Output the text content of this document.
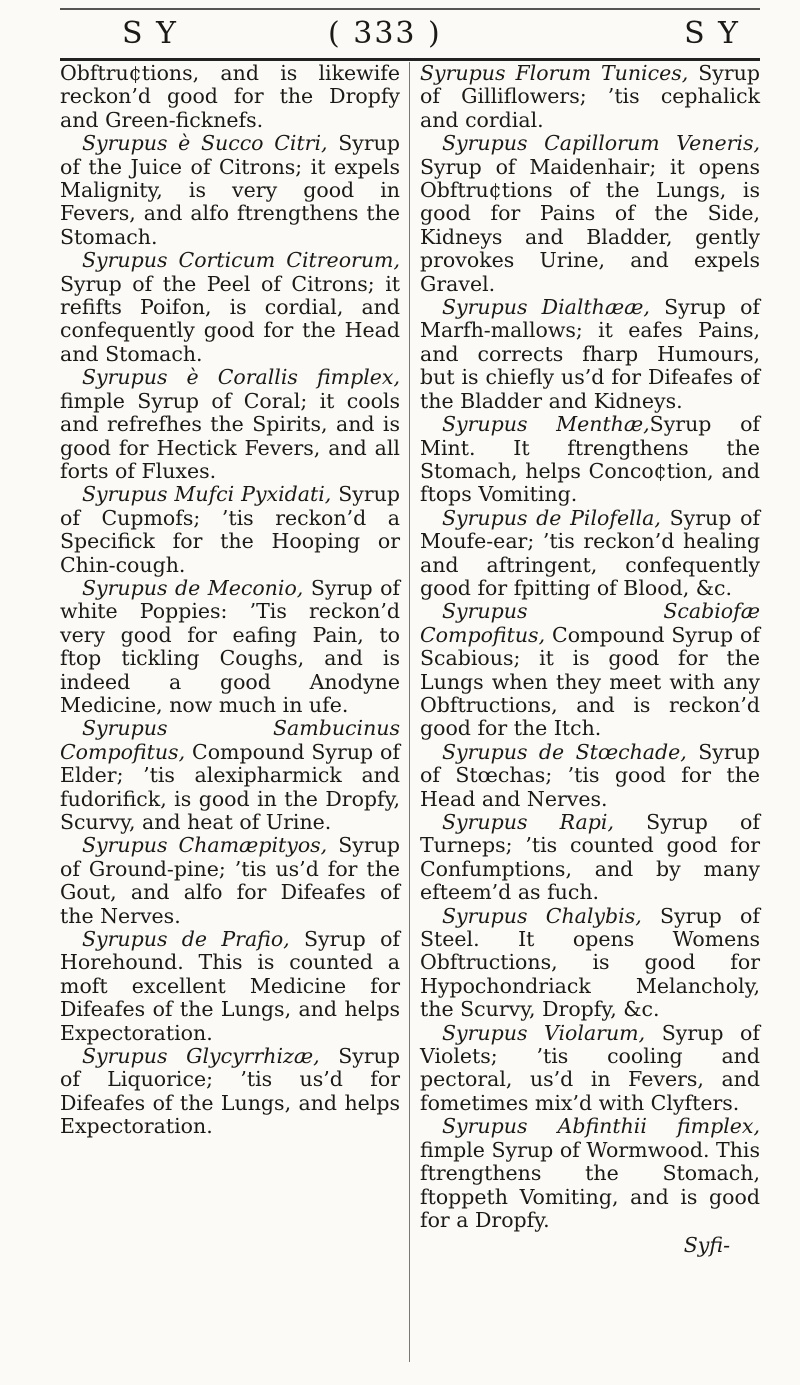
S Y	( 333 )	S Y

Obftru¢tions, and is likewife reckon’d good for the Dropfy and Green-ficknefs.

Syrupus è Succo Citri, Syrup of the Juice of Citrons; it expels Malignity, is very good in Fevers, and alfo ftrengthens the Stomach.

Syrupus Corticum Citreorum, Syrup of the Peel of Citrons; it refifts Poifon, is cordial, and confequently good for the Head and Stomach.

Syrupus è Corallis fimplex, fimple Syrup of Coral; it cools and refrefhes the Spirits, and is good for Hectick Fevers, and all forts of Fluxes.

Syrupus Mufci Pyxidati, Syrup of Cupmofs; ’tis reckon’d a Specifick for the Hooping or Chin-cough.

Syrupus de Meconio, Syrup of white Poppies: ’Tis reckon’d very good for eafing Pain, to ftop tickling Coughs, and is indeed a good Anodyne Medicine, now much in ufe.

Syrupus Sambucinus Compofitus, Compound Syrup of Elder; ’tis alexipharmick and fudorifick, is good in the Dropfy, Scurvy, and heat of Urine.

Syrupus Chamæpityos, Syrup of Ground-pine; ’tis us’d for the Gout, and alfo for Difeafes of the Nerves.

Syrupus de Prafio, Syrup of Horehound. This is counted a moft excellent Medicine for Difeafes of the Lungs, and helps Expectoration.

Syrupus Glycyrrhizæ, Syrup of Liquorice; ’tis us’d for Difeafes of the Lungs, and helps Expectoration.

Syrupus Florum Tunices, Syrup of Gilliflowers; ’tis cephalick and cordial.

Syrupus Capillorum Veneris, Syrup of Maidenhair; it opens Obftru¢tions of the Lungs, is good for Pains of the Side, Kidneys and Bladder, gently provokes Urine, and expels Gravel.

Syrupus Dialthææ, Syrup of Marfh-mallows; it eafes Pains, and corrects fharp Humours, but is chiefly us’d for Difeafes of the Bladder and Kidneys.

Syrupus Menthæ,Syrup of Mint. It ftrengthens the Stomach, helps Conco¢tion, and ftops Vomiting.

Syrupus de Pilofella, Syrup of Moufe-ear; ’tis reckon’d healing and aftringent, confequently good for fpitting of Blood, &c.

Syrupus Scabiofæ Compofitus, Compound Syrup of Scabious; it is good for the Lungs when they meet with any Obftructions, and is reckon’d good for the Itch.

Syrupus de Stœchade, Syrup of Stœchas; ’tis good for the Head and Nerves.

Syrupus Rapi, Syrup of Turneps; ’tis counted good for Confumptions, and by many efteem’d as fuch.

Syrupus Chalybis, Syrup of Steel. It opens Womens Obftructions, is good for Hypochondriack Melancholy, the Scurvy, Dropfy, &c.

Syrupus Violarum, Syrup of Violets; ’tis cooling and pectoral, us’d in Fevers, and fometimes mix’d with Clyfters.

Syrupus Abfinthii fimplex, fimple Syrup of Wormwood. This ftrengthens the Stomach, ftoppeth Vomiting, and is good for a Dropfy.

Syfi-
